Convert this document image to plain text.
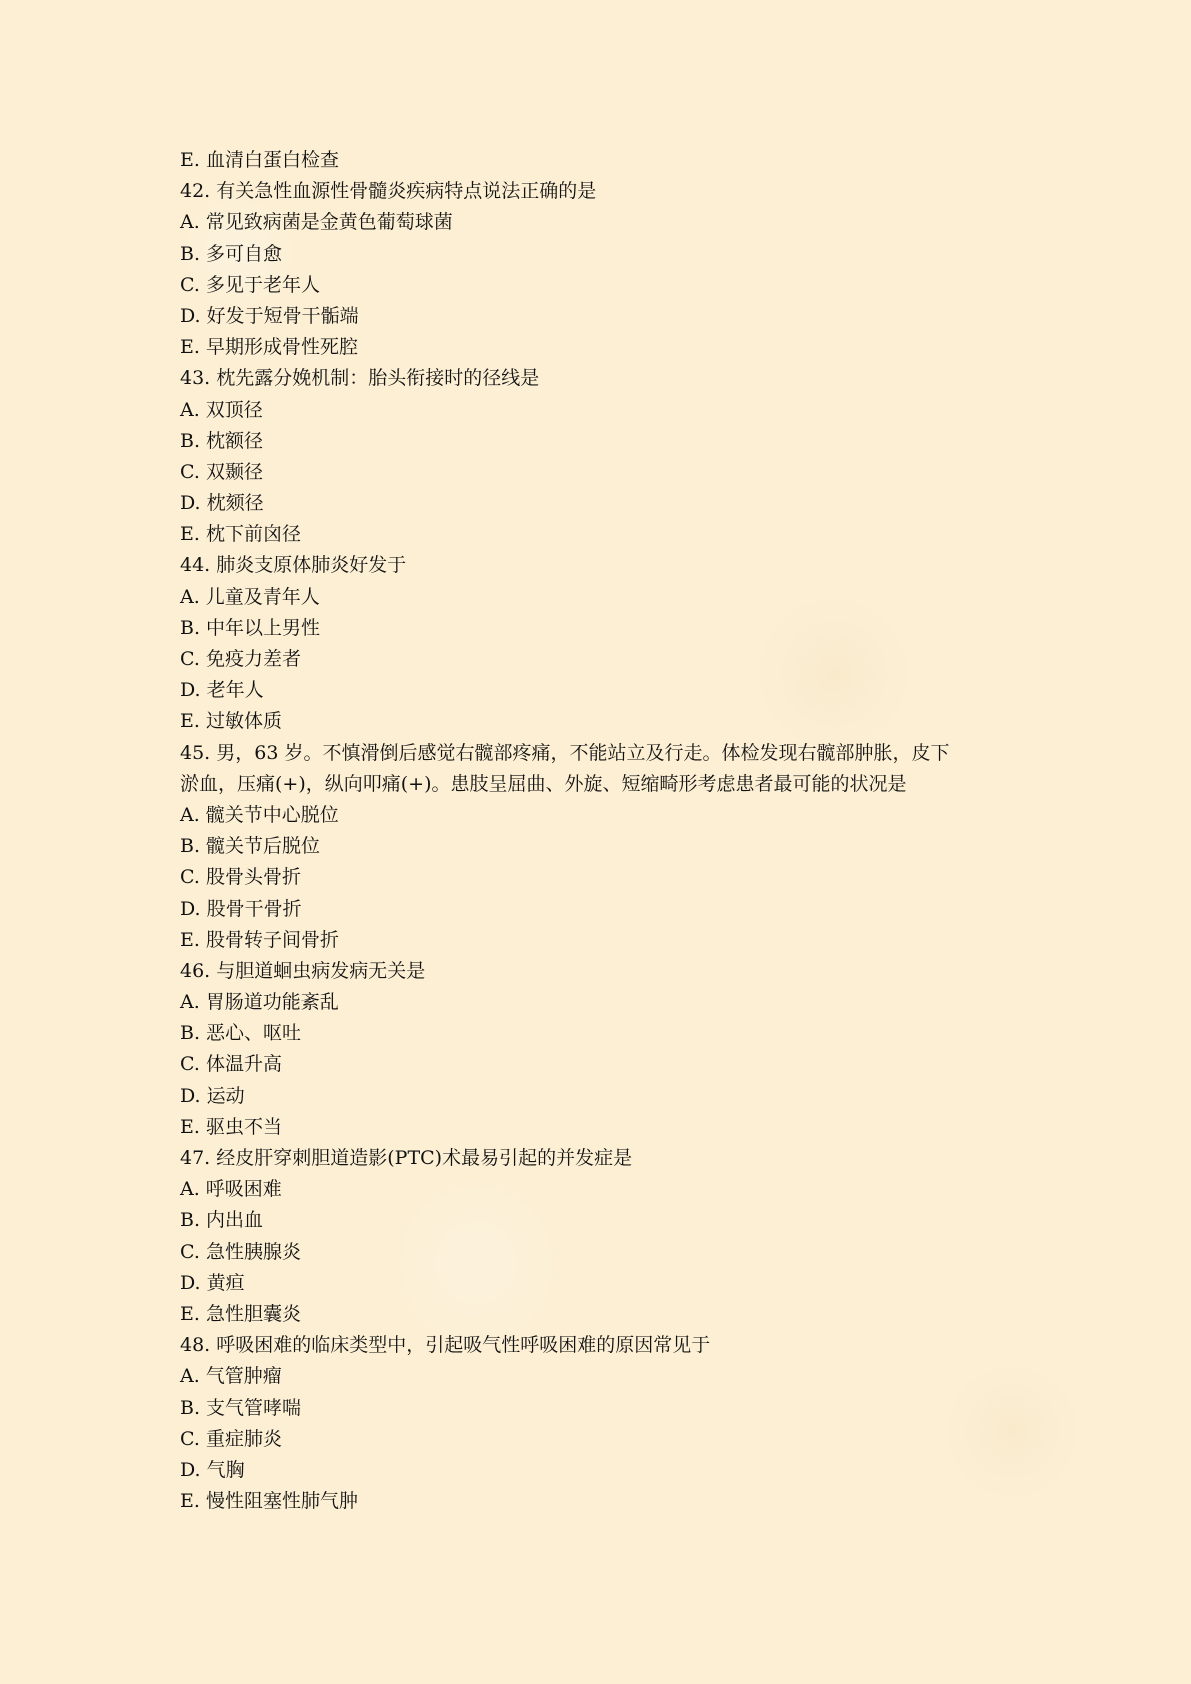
E. 血清白蛋白检查
42. 有关急性血源性骨髓炎疾病特点说法正确的是
A. 常见致病菌是金黄色葡萄球菌
B. 多可自愈
C. 多见于老年人
D. 好发于短骨干骺端
E. 早期形成骨性死腔
43. 枕先露分娩机制：胎头衔接时的径线是
A. 双顶径
B. 枕额径
C. 双颞径
D. 枕颏径
E. 枕下前囟径
44. 肺炎支原体肺炎好发于
A. 儿童及青年人
B. 中年以上男性
C. 免疫力差者
D. 老年人
E. 过敏体质
45. 男，63 岁。不慎滑倒后感觉右髋部疼痛，不能站立及行走。体检发现右髋部肿胀，皮下
淤血，压痛(+)，纵向叩痛(+)。患肢呈屈曲、外旋、短缩畸形考虑患者最可能的状况是
A. 髋关节中心脱位
B. 髋关节后脱位
C. 股骨头骨折
D. 股骨干骨折
E. 股骨转子间骨折
46. 与胆道蛔虫病发病无关是
A. 胃肠道功能紊乱
B. 恶心、呕吐
C. 体温升高
D. 运动
E. 驱虫不当
47. 经皮肝穿刺胆道造影(PTC)术最易引起的并发症是
A. 呼吸困难
B. 内出血
C. 急性胰腺炎
D. 黄疸
E. 急性胆囊炎
48. 呼吸困难的临床类型中，引起吸气性呼吸困难的原因常见于
A. 气管肿瘤
B. 支气管哮喘
C. 重症肺炎
D. 气胸
E. 慢性阻塞性肺气肿
